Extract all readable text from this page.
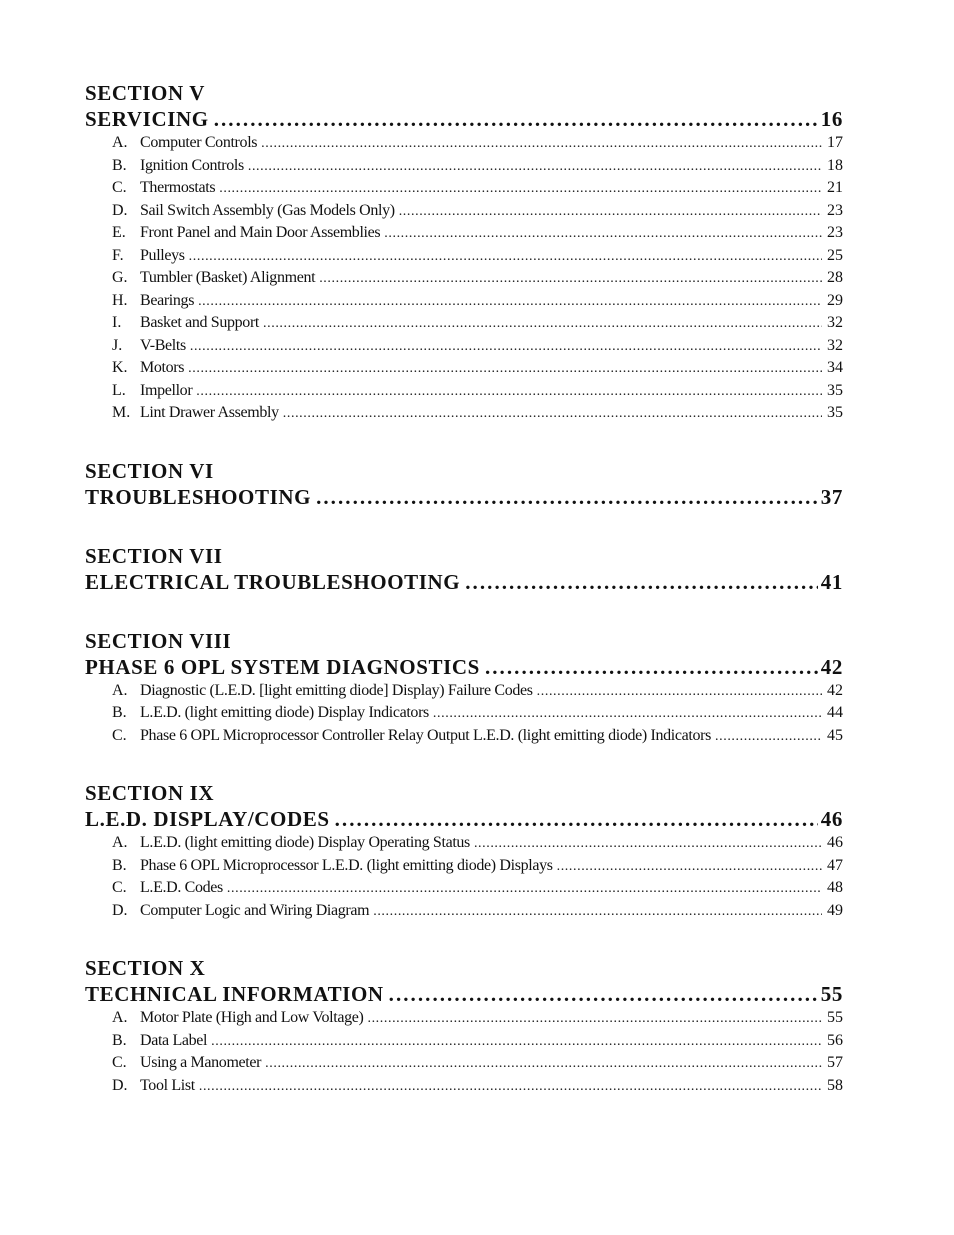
SECTION V
SERVICING . . .	16
A. Computer Controls .....	17
B. Ignition Controls .....	18
C. Thermostats .....	21
D. Sail Switch Assembly (Gas Models Only) .....	23
E. Front Panel and Main Door Assemblies .....	23
F.	Pulleys .....	25
G. Tumbler (Basket) Alignment .....	28
H. Bearings .....	29
I.	Basket and Support .....	32
J.	V-Belts .....	32
K. Motors .....	34
L. Impellor .....	35
M. Lint Drawer Assembly .....	35
SECTION VI
TROUBLESHOOTING . . .	37
SECTION VII
ELECTRICAL TROUBLESHOOTING . . .	41
SECTION VIII
PHASE 6 OPL SYSTEM DIAGNOSTICS . . .	42
A. Diagnostic (L.E.D. [light emitting diode] Display) Failure Codes .....	42
B. L.E.D. (light emitting diode) Display Indicators .....	44
C. Phase 6 OPL Microprocessor Controller Relay Output L.E.D. (light emitting diode) Indicators .....	45
SECTION IX
L.E.D. DISPLAY/CODES . . .	46
A. L.E.D. (light emitting diode) Display Operating Status .....	46
B. Phase 6 OPL Microprocessor L.E.D. (light emitting diode) Displays .....	47
C. L.E.D. Codes .....	48
D. Computer Logic and Wiring Diagram .....	49
SECTION X
TECHNICAL INFORMATION . . .	55
A. Motor Plate (High and Low Voltage) .....	55
B. Data Label .....	56
C. Using a Manometer .....	57
D. Tool List .....	58
